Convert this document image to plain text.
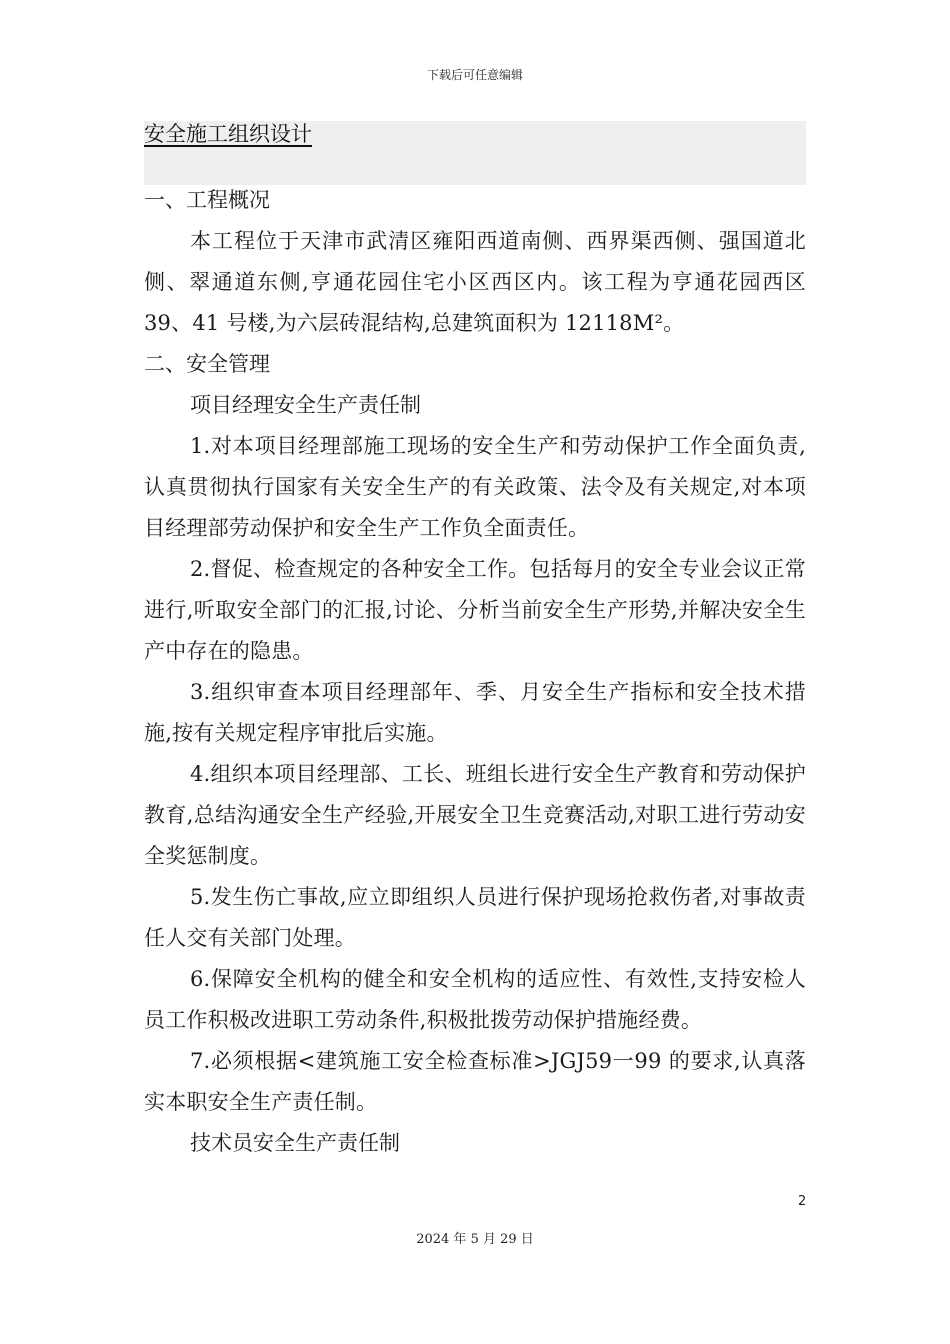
下载后可任意编辑
安全施工组织设计

一、工程概况

本工程位于天津市武清区雍阳西道南侧、西界渠西侧、强国道北侧、翠通道东侧,亨通花园住宅小区西区内。该工程为亨通花园西区 39、41 号楼,为六层砖混结构,总建筑面积为 12118M²。

二、安全管理

项目经理安全生产责任制

1.对本项目经理部施工现场的安全生产和劳动保护工作全面负责,认真贯彻执行国家有关安全生产的有关政策、法令及有关规定,对本项目经理部劳动保护和安全生产工作负全面责任。

2.督促、检查规定的各种安全工作。包括每月的安全专业会议正常进行,听取安全部门的汇报,讨论、分析当前安全生产形势,并解决安全生产中存在的隐患。

3.组织审查本项目经理部年、季、月安全生产指标和安全技术措施,按有关规定程序审批后实施。

4.组织本项目经理部、工长、班组长进行安全生产教育和劳动保护教育,总结沟通安全生产经验,开展安全卫生竞赛活动,对职工进行劳动安全奖惩制度。

5.发生伤亡事故,应立即组织人员进行保护现场抢救伤者,对事故责任人交有关部门处理。

6.保障安全机构的健全和安全机构的适应性、有效性,支持安检人员工作积极改进职工劳动条件,积极批拨劳动保护措施经费。

7.必须根据<建筑施工安全检查标准>JGJ59一99 的要求,认真落实本职安全生产责任制。

技术员安全生产责任制

2
2024 年 5 月 29 日
